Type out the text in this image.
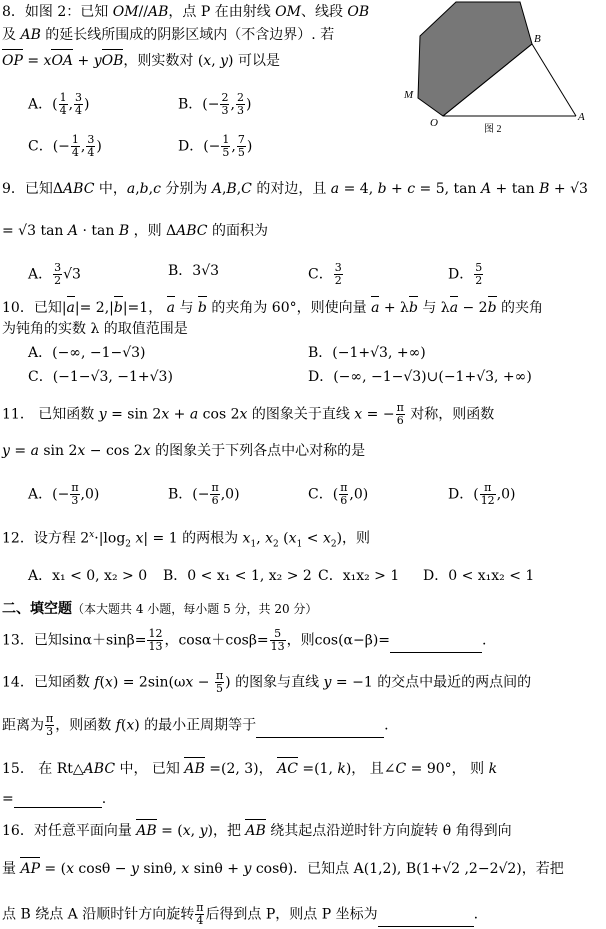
8．如图 2：已知 OM//AB，点 P 在由射线 OM、线段 OB
及 AB 的延长线所围成的阴影区域内（不含边界）. 若
OP = xOA + yOB，则实数对 (x, y) 可以是
A．( $\frac{1}{4}$ , $\frac{3}{4}$ )	B．(− $\frac{2}{3}$ , $\frac{2}{3}$ )
C．(− $\frac{1}{4}$ , $\frac{3}{4}$ )	D．(− $\frac{1}{5}$ , $\frac{7}{5}$ )
B
M
O	A
图 2
9．已知ΔABC 中，a,b,c 分别为 A,B,C 的对边，且 a = 4, b + c = 5, tan A + tan B + √3
= √3 tan A · tan B ，则 ΔABC 的面积为
A． $\frac{3}{2} √3$	B．3√3	C． $\frac{3}{2}$	D． $\frac{5}{2}$
10．已知|a|= 2,|b|=1， a 与 b 的夹角为 60°，则使向量 a + λb 与 λa − 2b 的夹角
为钝角的实数 λ 的取值范围是
A．(−∞, −1−√3)	B．(−1+√3, +∞)
C．(−1−√3, −1+√3)	D．(−∞, −1−√3)∪(−1+√3, +∞)
11． 已知函数 y = sin 2x + a cos 2x 的图象关于直线 x = − $\frac{\pi}{6}$ 对称，则函数
y = a sin 2x − cos 2x 的图象关于下列各点中心对称的是
A．(− $\frac{\pi}{3} ,0$)	B．(− $\frac{\pi}{6} ,0$)	C．( $\frac{\pi}{6} ,0$)	D．( $\frac{\pi}{12} ,0$)
12．设方程 $2^x\cdot|\log_2$ x| = 1 的两根为 $x_1$, $x_2$ $(x_1 < x_2)$，则
A．x₁ < 0, x₂ > 0 B．0 < x₁ < 1, x₂ > 2 C．x₁x₂ > 1 D．0 < x₁x₂ < 1
二、填空题（本大题共 4 小题，每小题 5 分，共 20 分）
13．已知$\sin\alpha+\sin\beta= \frac{12}{13}$ ，$\cos\alpha+\cos\beta= \frac{5}{13}$ ，则cos(α−β)=	.
14．已知函数 $f(x) = 2\sin(\omega x - \frac{\pi}{5}$ ) 的图象与直线 y = −1 的交点中最近的两点间的
距离为 $\frac{\pi}{3}$ ，则函数 f(x) 的最小正周期等于	.
15． 在 Rt△ABC 中， 已知 AB =(2, 3)， AC =(1, k)， 且∠C = 90°， 则 k
=	.
16．对任意平面向量 AB = (x, y)，把 AB 绕其起点沿逆时针方向旋转 θ 角得到向
量 AP = (x cosθ − y sinθ, x sinθ + y cosθ)．已知点 A(1,2), B(1+√2 ,2−2√2)，若把
点 B 绕点 A 沿顺时针方向旋转 $\frac{\pi}{4}$ 后得到点 P，则点 P 坐标为	.
